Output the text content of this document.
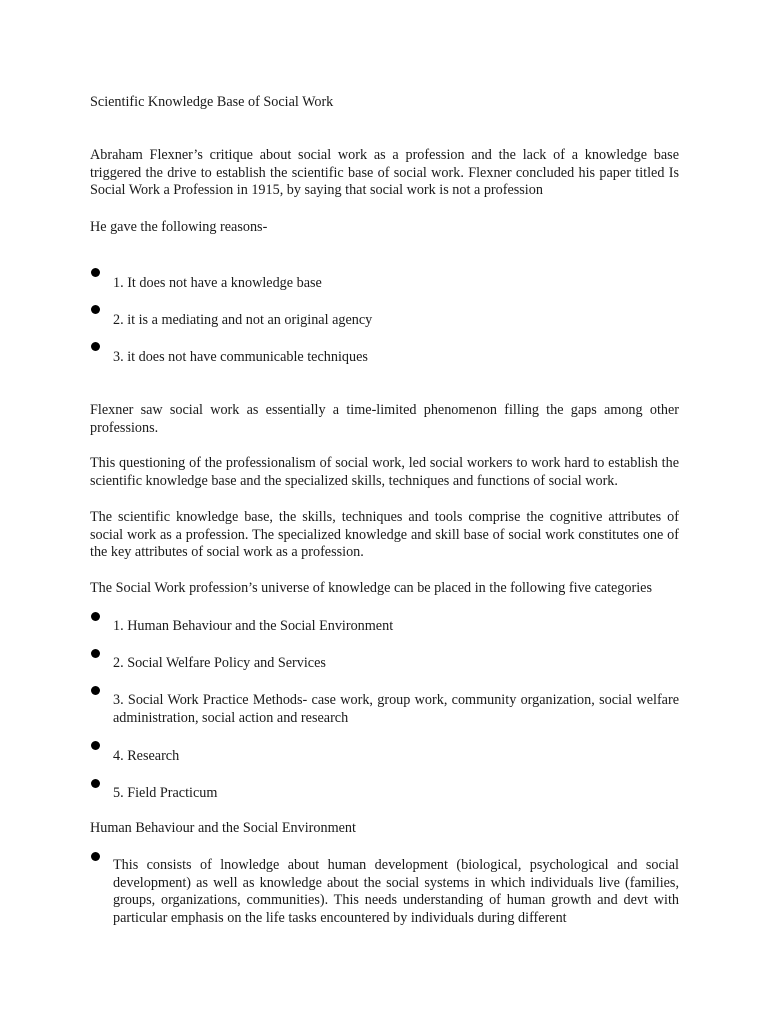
Scientific Knowledge Base of Social Work
Abraham Flexner’s critique about social work as a profession and the lack of a knowledge base triggered the drive to establish the scientific base of social work. Flexner concluded his paper titled Is Social Work a Profession in 1915, by saying that social work is not a profession
He gave the following reasons-
1. It does not have a knowledge base
2. it is a mediating and not an original agency
3. it does not have communicable techniques
Flexner saw social work as essentially a time-limited phenomenon filling the gaps among other professions.
This questioning of the professionalism of social work, led social workers to work hard to establish the scientific knowledge base and the specialized skills, techniques and functions of social work.
The scientific knowledge base, the skills, techniques and tools comprise the cognitive attributes of social work as a profession. The specialized knowledge and skill base of social work constitutes one of the key attributes of social work as a profession.
The Social Work profession’s universe of knowledge can be placed in the following five categories
1. Human Behaviour and the Social Environment
2. Social Welfare Policy and Services
3. Social Work Practice Methods- case work, group work, community organization, social welfare administration, social action and research
4. Research
5. Field Practicum
Human Behaviour and the Social Environment
This consists of lnowledge about human development (biological, psychological and social development) as well as knowledge about the social systems in which individuals live (families, groups, organizations, communities). This needs understanding of human growth and devt with particular emphasis on the life tasks encountered by individuals during different
